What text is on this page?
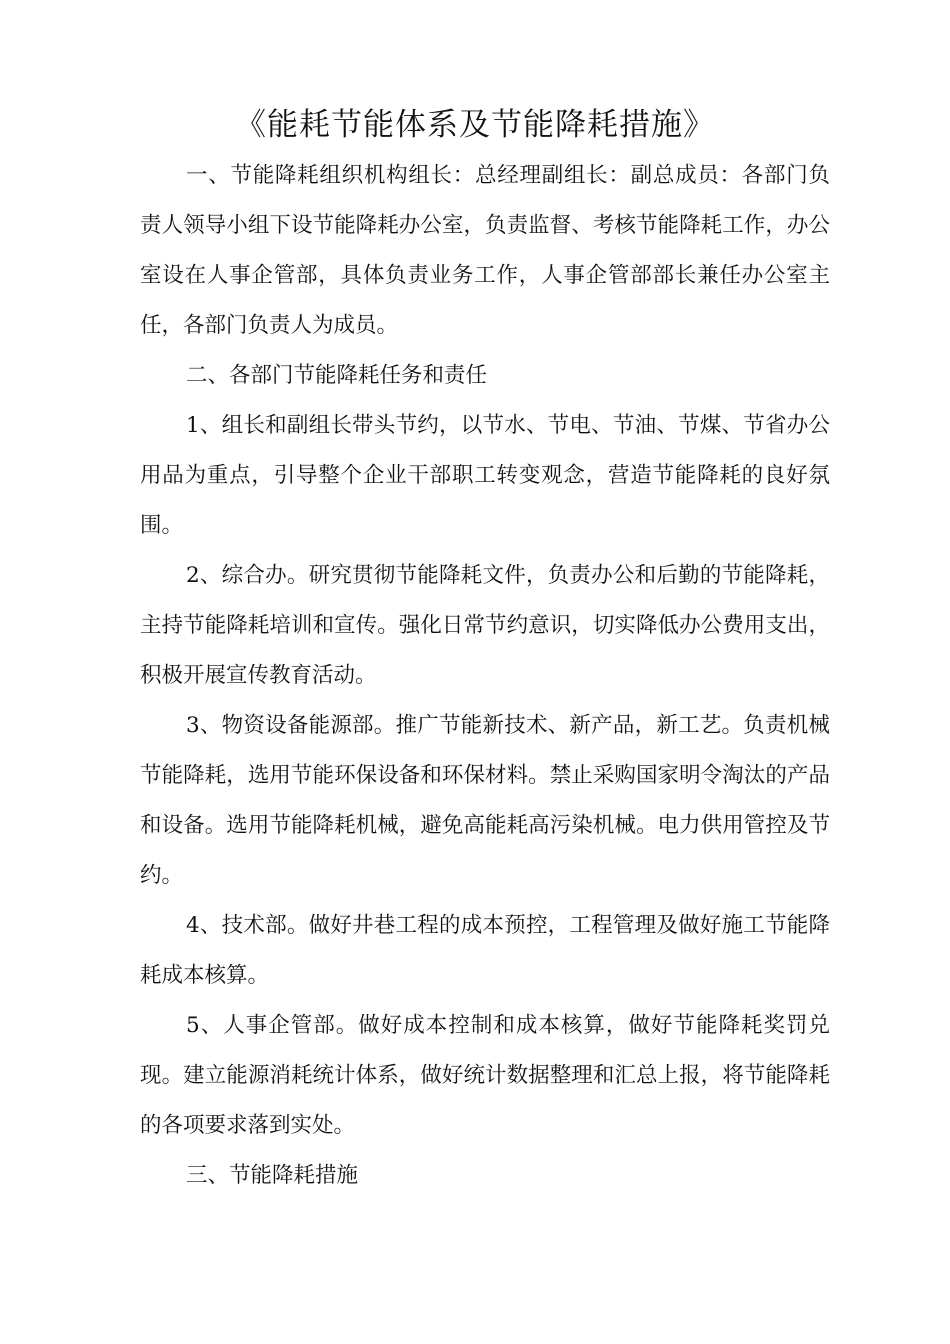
《能耗节能体系及节能降耗措施》

一、节能降耗组织机构组长：总经理副组长：副总成员：各部门负责人领导小组下设节能降耗办公室，负责监督、考核节能降耗工作，办公室设在人事企管部，具体负责业务工作，人事企管部部长兼任办公室主任，各部门负责人为成员。

二、各部门节能降耗任务和责任

1、组长和副组长带头节约，以节水、节电、节油、节煤、节省办公用品为重点，引导整个企业干部职工转变观念，营造节能降耗的良好氛围。

2、综合办。研究贯彻节能降耗文件，负责办公和后勤的节能降耗，主持节能降耗培训和宣传。强化日常节约意识，切实降低办公费用支出，积极开展宣传教育活动。

3、物资设备能源部。推广节能新技术、新产品，新工艺。负责机械节能降耗，选用节能环保设备和环保材料。禁止采购国家明令淘汰的产品和设备。选用节能降耗机械，避免高能耗高污染机械。电力供用管控及节约。

4、技术部。做好井巷工程的成本预控，工程管理及做好施工节能降耗成本核算。

5、人事企管部。做好成本控制和成本核算，做好节能降耗奖罚兑现。建立能源消耗统计体系，做好统计数据整理和汇总上报，将节能降耗的各项要求落到实处。

三、节能降耗措施
